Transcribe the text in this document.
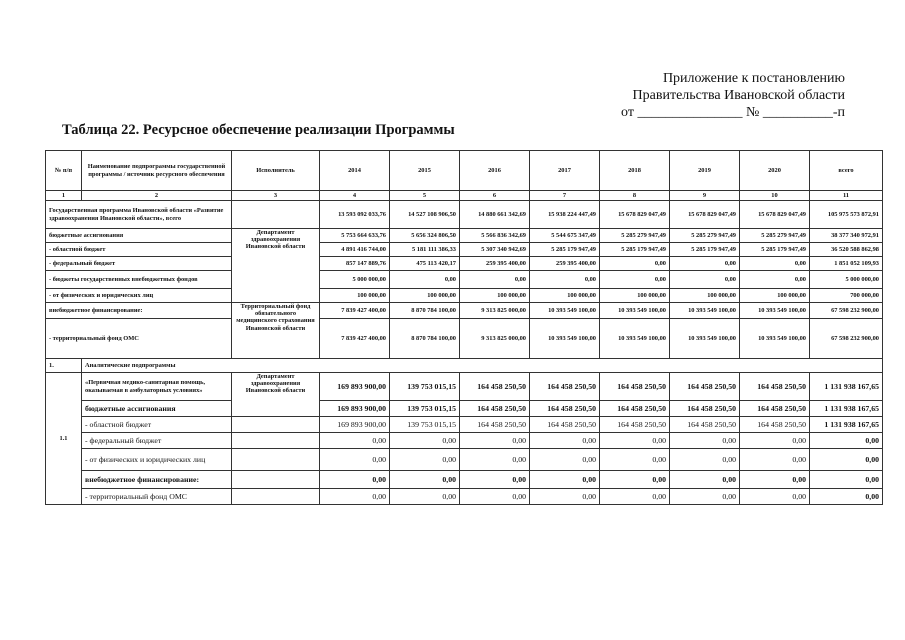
Приложение к постановлению
Правительства Ивановской области
от _______________ № __________-п
Таблица 22. Ресурсное обеспечение реализации Программы
№ п/п	Наименование подпрограммы государственной программы / источник ресурсного обеспечения	Исполнитель	2014	2015	2016	2017	2018	2019	2020	всего
1	2	3	4	5	6	7	8	9	10	11
Государственная программа Ивановской области «Развитие здравоохранения Ивановской области», всего			13 593 092 033,76	14 527 108 906,50	14 880 661 342,69	15 938 224 447,49	15 678 829 047,49	15 678 829 047,49	15 678 829 047,49	105 975 573 872,91
бюджетные ассигнования		Департамент здравоохранения Ивановской области	5 753 664 633,76	5 656 324 806,50	5 566 836 342,69	5 544 675 347,49	5 285 279 947,49	5 285 279 947,49	5 285 279 947,49	38 377 340 972,91
- областной бюджет			4 891 416 744,00	5 181 111 386,33	5 307 340 942,69	5 285 179 947,49	5 285 179 947,49	5 285 179 947,49	5 285 179 947,49	36 520 588 862,98
- федеральный бюджет			857 147 889,76	475 113 420,17	259 395 400,00	259 395 400,00	0,00	0,00	0,00	1 851 052 109,93
- бюджеты государственных внебюджетных фондов			5 000 000,00	0,00	0,00	0,00	0,00	0,00	0,00	5 000 000,00
- от физических и юридических лиц			100 000,00	100 000,00	100 000,00	100 000,00	100 000,00	100 000,00	100 000,00	700 000,00
внебюджетное финансирование:		Территориальный фонд обязательного медицинского страхования Ивановской области	7 839 427 400,00	8 870 784 100,00	9 313 825 000,00	10 393 549 100,00	10 393 549 100,00	10 393 549 100,00	10 393 549 100,00	67 598 232 900,00
- территориальный фонд ОМС			7 839 427 400,00	8 870 784 100,00	9 313 825 000,00	10 393 549 100,00	10 393 549 100,00	10 393 549 100,00	10 393 549 100,00	67 598 232 900,00
1.	Аналитические подпрограммы									
1.1	«Первичная медико-санитарная помощь, оказываемая в амбулаторных условиях»	Департамент здравоохранения Ивановской области	169 893 900,00	139 753 015,15	164 458 250,50	164 458 250,50	164 458 250,50	164 458 250,50	164 458 250,50	1 131 938 167,65
	бюджетные ассигнования		169 893 900,00	139 753 015,15	164 458 250,50	164 458 250,50	164 458 250,50	164 458 250,50	164 458 250,50	1 131 938 167,65
	- областной бюджет		169 893 900,00	139 753 015,15	164 458 250,50	164 458 250,50	164 458 250,50	164 458 250,50	164 458 250,50	1 131 938 167,65
	- федеральный бюджет		0,00	0,00	0,00	0,00	0,00	0,00	0,00	0,00
	- от физических и юридических лиц		0,00	0,00	0,00	0,00	0,00	0,00	0,00	0,00
	внебюджетное финансирование:		0,00	0,00	0,00	0,00	0,00	0,00	0,00	0,00
	- территориальный фонд ОМС		0,00	0,00	0,00	0,00	0,00	0,00	0,00	0,00
